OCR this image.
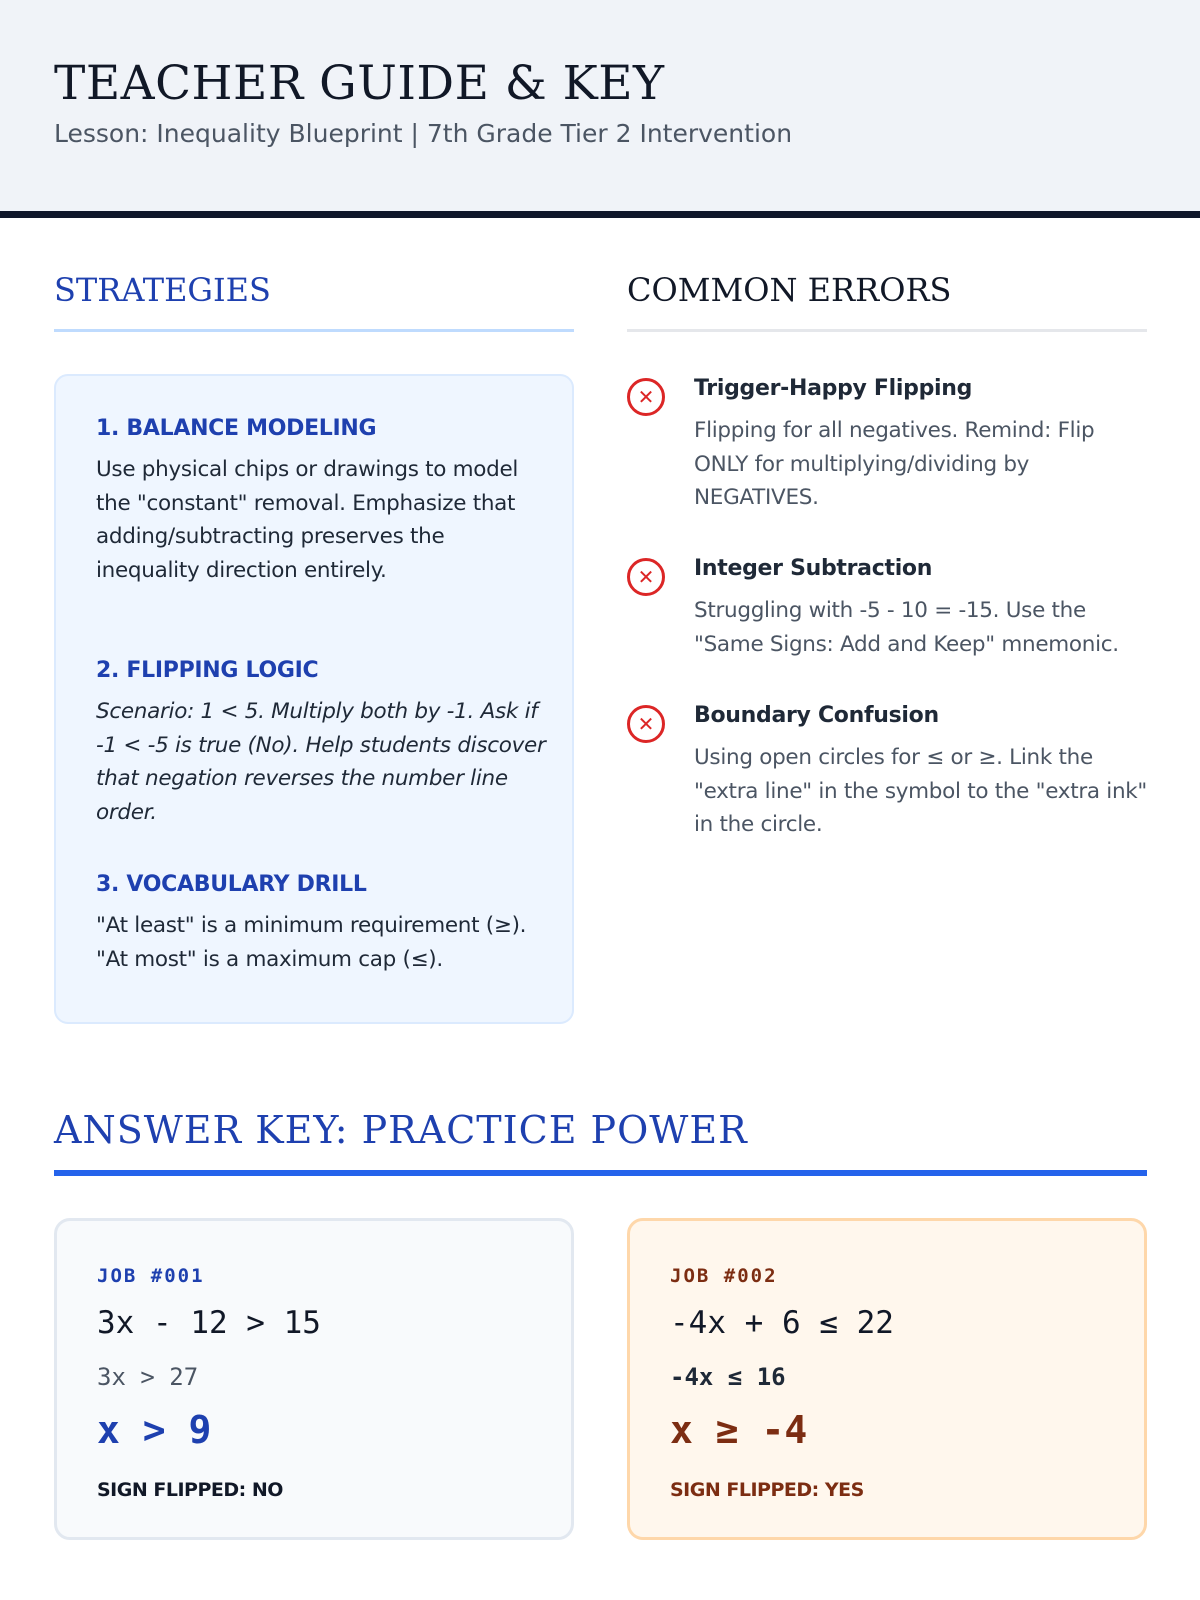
TEACHER GUIDE & KEY
Lesson: Inequality Blueprint | 7th Grade Tier 2 Intervention
STRATEGIES	COMMON ERRORS
1. BALANCE MODELING
Use physical chips or drawings to model the "constant" removal. Emphasize that adding/subtracting preserves the inequality direction entirely.
2. FLIPPING LOGIC
Scenario: 1 < 5. Multiply both by -1. Ask if -1 < -5 is true (No). Help students discover that negation reverses the number line order.
3. VOCABULARY DRILL
"At least" is a minimum requirement (≥). "At most" is a maximum cap (≤).
✕	Trigger-Happy Flipping
Flipping for all negatives. Remind: Flip ONLY for multiplying/dividing by NEGATIVES.
✕	Integer Subtraction
Struggling with -5 - 10 = -15. Use the "Same Signs: Add and Keep" mnemonic.
✕	Boundary Confusion
Using open circles for ≤ or ≥. Link the "extra line" in the symbol to the "extra ink" in the circle.
ANSWER KEY: PRACTICE POWER
JOB #001
3x - 12 > 15
3x > 27
x > 9
SIGN FLIPPED: NO
JOB #002
-4x + 6 ≤ 22
-4x ≤ 16
x ≥ -4
SIGN FLIPPED: YES
